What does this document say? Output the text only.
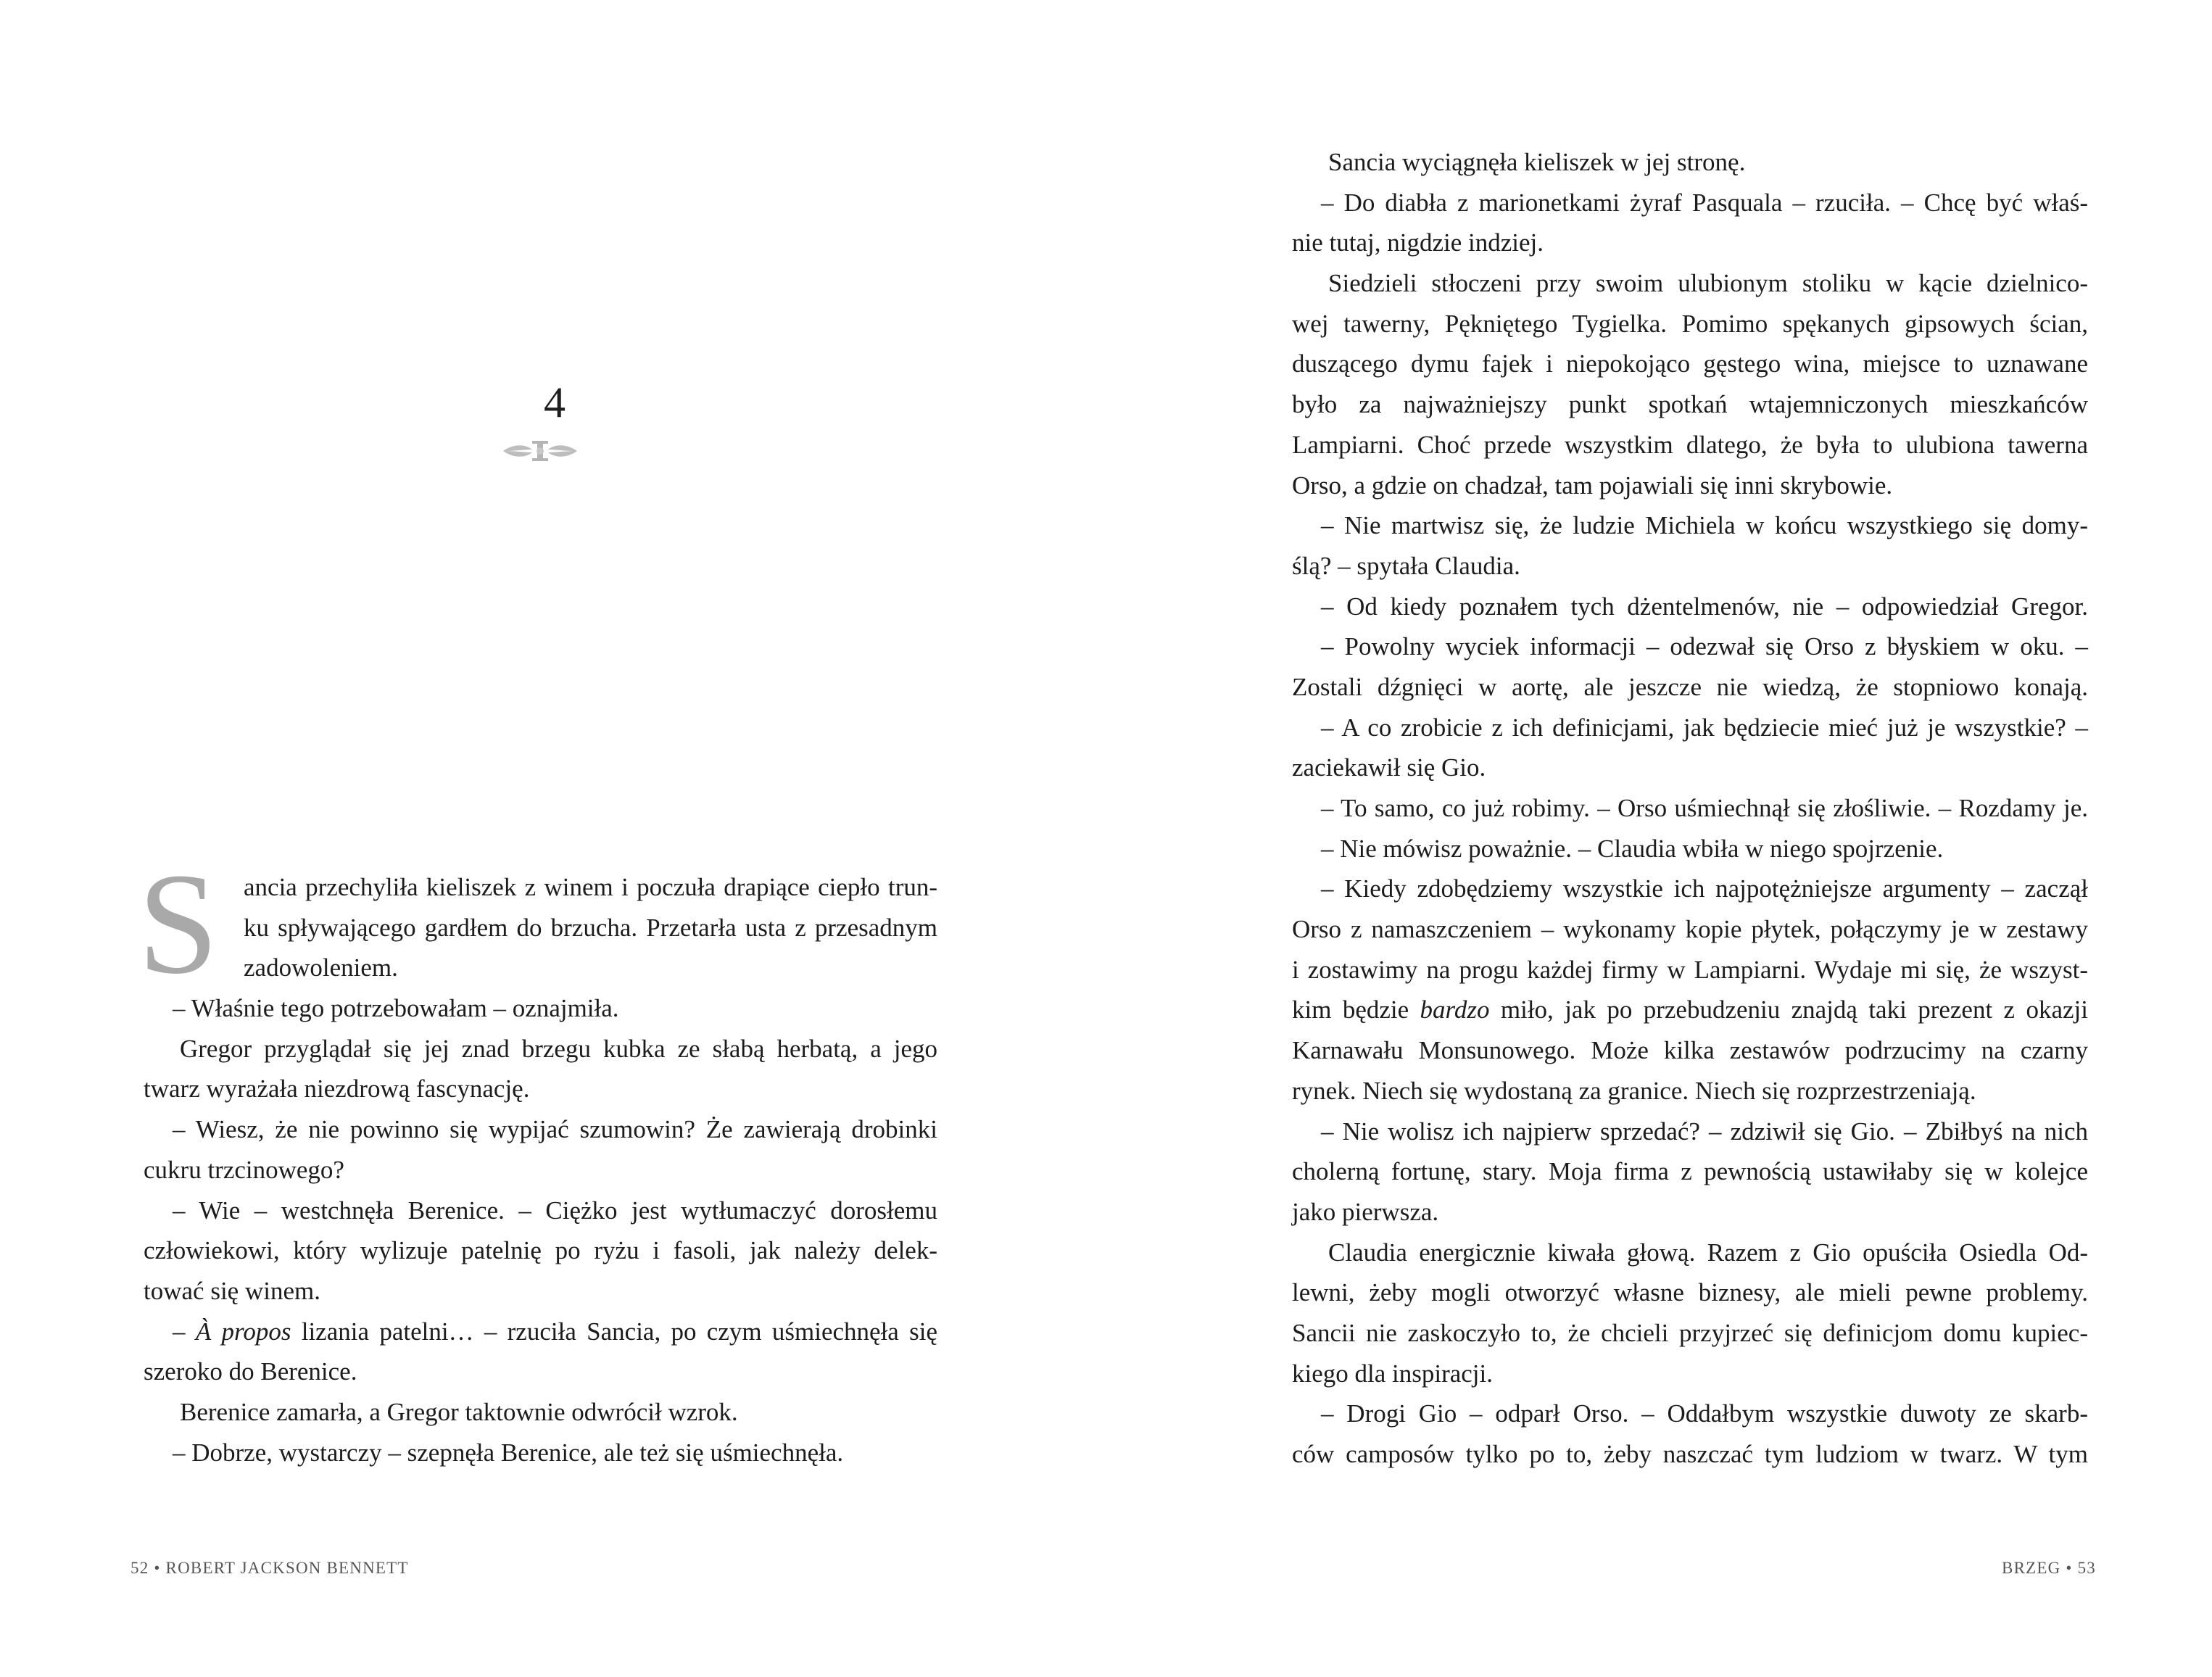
4
S ancia przechyliła kieliszek z winem i poczuła drapiące ciepło trun-
ku spływającego gardłem do brzucha. Przetarła usta z przesadnym
zadowoleniem.
– Właśnie tego potrzebowałam – oznajmiła.
Gregor przyglądał się jej znad brzegu kubka ze słabą herbatą, a jego
twarz wyrażała niezdrową fascynację.
– Wiesz, że nie powinno się wypijać szumowin? Że zawierają drobinki
cukru trzcinowego?
– Wie – westchnęła Berenice. – Ciężko jest wytłumaczyć dorosłemu
człowiekowi, który wylizuje patelnię po ryżu i fasoli, jak należy delek-
tować się winem.
– À propos lizania patelni… – rzuciła Sancia, po czym uśmiechnęła się
szeroko do Berenice.
Berenice zamarła, a Gregor taktownie odwrócił wzrok.
– Dobrze, wystarczy – szepnęła Berenice, ale też się uśmiechnęła.
52 • ROBERT JACKSON BENNETT
Sancia wyciągnęła kieliszek w jej stronę.
– Do diabła z marionetkami żyraf Pasquala – rzuciła. – Chcę być właś-
nie tutaj, nigdzie indziej.
Siedzieli stłoczeni przy swoim ulubionym stoliku w kącie dzielnico-
wej tawerny, Pękniętego Tygielka. Pomimo spękanych gipsowych ścian,
duszącego dymu fajek i niepokojąco gęstego wina, miejsce to uznawane
było za najważniejszy punkt spotkań wtajemniczonych mieszkańców
Lampiarni. Choć przede wszystkim dlatego, że była to ulubiona tawerna
Orso, a gdzie on chadzał, tam pojawiali się inni skrybowie.
– Nie martwisz się, że ludzie Michiela w końcu wszystkiego się domy-
ślą? – spytała Claudia.
– Od kiedy poznałem tych dżentelmenów, nie – odpowiedział Gregor.
– Powolny wyciek informacji – odezwał się Orso z błyskiem w oku. –
Zostali dźgnięci w aortę, ale jeszcze nie wiedzą, że stopniowo konają.
– A co zrobicie z ich definicjami, jak będziecie mieć już je wszystkie? –
zaciekawił się Gio.
– To samo, co już robimy. – Orso uśmiechnął się złośliwie. – Rozdamy je.
– Nie mówisz poważnie. – Claudia wbiła w niego spojrzenie.
– Kiedy zdobędziemy wszystkie ich najpotężniejsze argumenty – zaczął
Orso z namaszczeniem – wykonamy kopie płytek, połączymy je w zestawy
i zostawimy na progu każdej firmy w Lampiarni. Wydaje mi się, że wszyst-
kim będzie bardzo miło, jak po przebudzeniu znajdą taki prezent z okazji
Karnawału Monsunowego. Może kilka zestawów podrzucimy na czarny
rynek. Niech się wydostaną za granice. Niech się rozprzestrzeniają.
– Nie wolisz ich najpierw sprzedać? – zdziwił się Gio. – Zbiłbyś na nich
cholerną fortunę, stary. Moja firma z pewnością ustawiłaby się w kolejce
jako pierwsza.
Claudia energicznie kiwała głową. Razem z Gio opuściła Osiedla Od-
lewni, żeby mogli otworzyć własne biznesy, ale mieli pewne problemy.
Sancii nie zaskoczyło to, że chcieli przyjrzeć się definicjom domu kupiec-
kiego dla inspiracji.
– Drogi Gio – odparł Orso. – Oddałbym wszystkie duwoty ze skarb-
ców camposów tylko po to, żeby naszczać tym ludziom w twarz. W tym
BRZEG • 53
